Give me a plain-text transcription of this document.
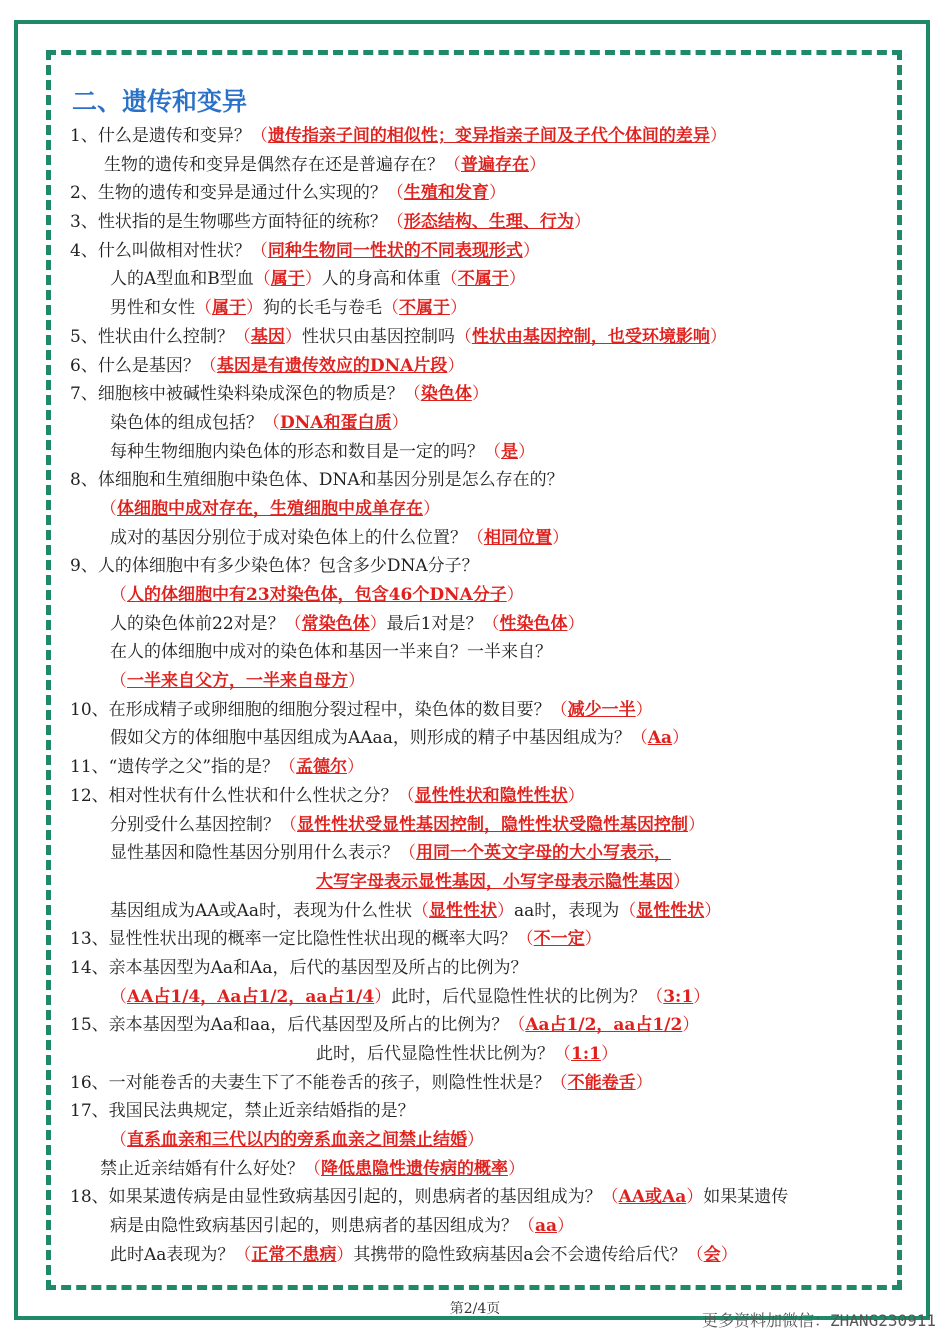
二、遗传和变异
1、什么是遗传和变异？（遗传指亲子间的相似性；变异指亲子间及子代个体间的差异）
生物的遗传和变异是偶然存在还是普遍存在？（普遍存在）
2、生物的遗传和变异是通过什么实现的？（生殖和发育）
3、性状指的是生物哪些方面特征的统称？（形态结构、生理、行为）
4、什么叫做相对性状？（同种生物同一性状的不同表现形式）
人的A型血和B型血（属于）人的身高和体重（不属于）
男性和女性（属于）狗的长毛与卷毛（不属于）
5、性状由什么控制？（基因）性状只由基因控制吗（性状由基因控制，也受环境影响）
6、什么是基因？（基因是有遗传效应的DNA片段）
7、细胞核中被碱性染料染成深色的物质是？（染色体）
染色体的组成包括？（DNA和蛋白质）
每种生物细胞内染色体的形态和数目是一定的吗？（是）
8、体细胞和生殖细胞中染色体、DNA和基因分别是怎么存在的？
（体细胞中成对存在，生殖细胞中成单存在）
成对的基因分别位于成对染色体上的什么位置？（相同位置）
9、人的体细胞中有多少染色体？包含多少DNA分子？
（人的体细胞中有23对染色体，包含46个DNA分子）
人的染色体前22对是？（常染色体）最后1对是？（性染色体）
在人的体细胞中成对的染色体和基因一半来自？一半来自？
（一半来自父方，一半来自母方）
10、在形成精子或卵细胞的细胞分裂过程中，染色体的数目要？（减少一半）
假如父方的体细胞中基因组成为AAaa，则形成的精子中基因组成为？（Aa）
11、“遗传学之父”指的是？（孟德尔）
12、相对性状有什么性状和什么性状之分？（显性性状和隐性性状）
分别受什么基因控制？（显性性状受显性基因控制，隐性性状受隐性基因控制）
显性基因和隐性基因分别用什么表示？（用同一个英文字母的大小写表示，
大写字母表示显性基因，小写字母表示隐性基因）
基因组成为AA或Aa时，表现为什么性状（显性性状）aa时，表现为（显性性状）
13、显性性状出现的概率一定比隐性性状出现的概率大吗？（不一定）
14、亲本基因型为Aa和Aa，后代的基因型及所占的比例为？
（AA占1/4，Aa占1/2，aa占1/4）此时，后代显隐性性状的比例为？（3:1）
15、亲本基因型为Aa和aa，后代基因型及所占的比例为？（Aa占1/2，aa占1/2）
此时，后代显隐性性状比例为？（1:1）
16、一对能卷舌的夫妻生下了不能卷舌的孩子，则隐性性状是？（不能卷舌）
17、我国民法典规定，禁止近亲结婚指的是？
（直系血亲和三代以内的旁系血亲之间禁止结婚）
禁止近亲结婚有什么好处？（降低患隐性遗传病的概率）
18、如果某遗传病是由显性致病基因引起的，则患病者的基因组成为？（AA或Aa）如果某遗传
病是由隐性致病基因引起的，则患病者的基因组成为？（aa）
此时Aa表现为？（正常不患病）其携带的隐性致病基因a会不会遗传给后代？（会）
第2/4页
更多资料加微信：ZHANG230911
